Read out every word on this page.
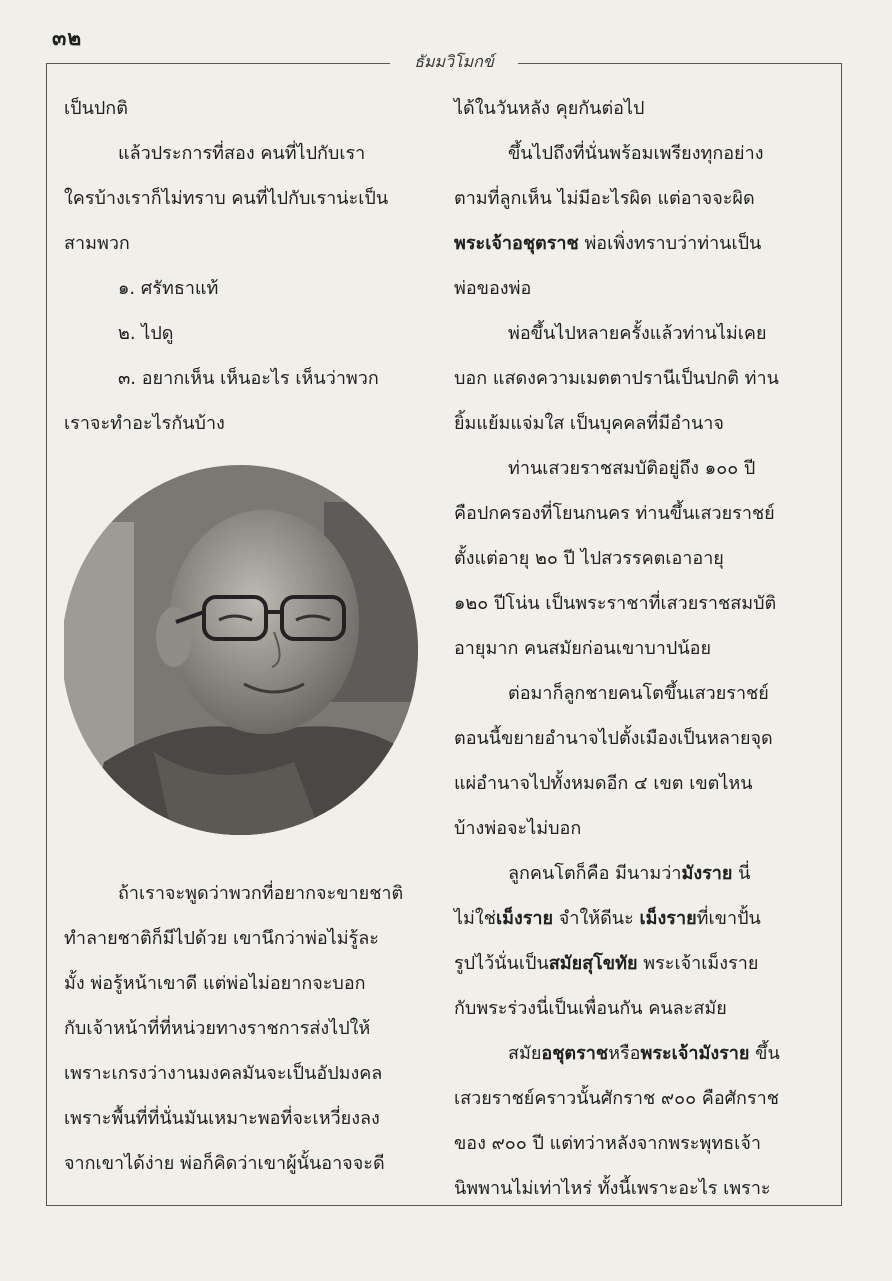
๓๒
ธัมมวิโมกข์
เป็นปกติ
แล้วประการที่สอง คนที่ไปกับเรา
ใครบ้างเราก็ไม่ทราบ คนที่ไปกับเราน่ะเป็น
สามพวก
๑. ศรัทธาแท้
๒. ไปดู
๓. อยากเห็น เห็นอะไร เห็นว่าพวก
เราจะทำอะไรกันบ้าง
ถ้าเราจะพูดว่าพวกที่อยากจะขายชาติ
ทำลายชาติก็มีไปด้วย เขานึกว่าพ่อไม่รู้ละ
มั้ง พ่อรู้หน้าเขาดี แต่พ่อไม่อยากจะบอก
กับเจ้าหน้าที่ที่หน่วยทางราชการส่งไปให้
เพราะเกรงว่างานมงคลมันจะเป็นอัปมงคล
เพราะพื้นที่ที่นั่นมันเหมาะพอที่จะเหวี่ยงลง
จากเขาได้ง่าย พ่อก็คิดว่าเขาผู้นั้นอาจจะดี
ได้ในวันหลัง คุยกันต่อไป
ขึ้นไปถึงที่นั่นพร้อมเพรียงทุกอย่าง
ตามที่ลูกเห็น ไม่มีอะไรผิด แต่อาจจะผิด
พระเจ้าอชุตราช พ่อเพิ่งทราบว่าท่านเป็น
พ่อของพ่อ
พ่อขึ้นไปหลายครั้งแล้วท่านไม่เคย
บอก แสดงความเมตตาปรานีเป็นปกติ ท่าน
ยิ้มแย้มแจ่มใส เป็นบุคคลที่มีอำนาจ
ท่านเสวยราชสมบัติอยู่ถึง ๑๐๐ ปี
คือปกครองที่โยนกนคร ท่านขึ้นเสวยราชย์
ตั้งแต่อายุ ๒๐ ปี ไปสวรรคตเอาอายุ
๑๒๐ ปีโน่น เป็นพระราชาที่เสวยราชสมบัติ
อายุมาก คนสมัยก่อนเขาบาปน้อย
ต่อมาก็ลูกชายคนโตขึ้นเสวยราชย์
ตอนนี้ขยายอำนาจไปตั้งเมืองเป็นหลายจุด
แผ่อำนาจไปทั้งหมดอีก ๔ เขต เขตไหน
บ้างพ่อจะไม่บอก
ลูกคนโตก็คือ มีนามว่ามังราย นี่
ไม่ใช่เม็งราย จำให้ดีนะ เม็งรายที่เขาปั้น
รูปไว้นั่นเป็นสมัยสุโขทัย พระเจ้าเม็งราย
กับพระร่วงนี่เป็นเพื่อนกัน คนละสมัย
สมัยอชุตราชหรือพระเจ้ามังราย ขึ้น
เสวยราชย์คราวนั้นศักราช ๙๐๐ คือศักราช
ของ ๙๐๐ ปี แต่ทว่าหลังจากพระพุทธเจ้า
นิพพานไม่เท่าไหร่ ทั้งนี้เพราะอะไร เพราะ
